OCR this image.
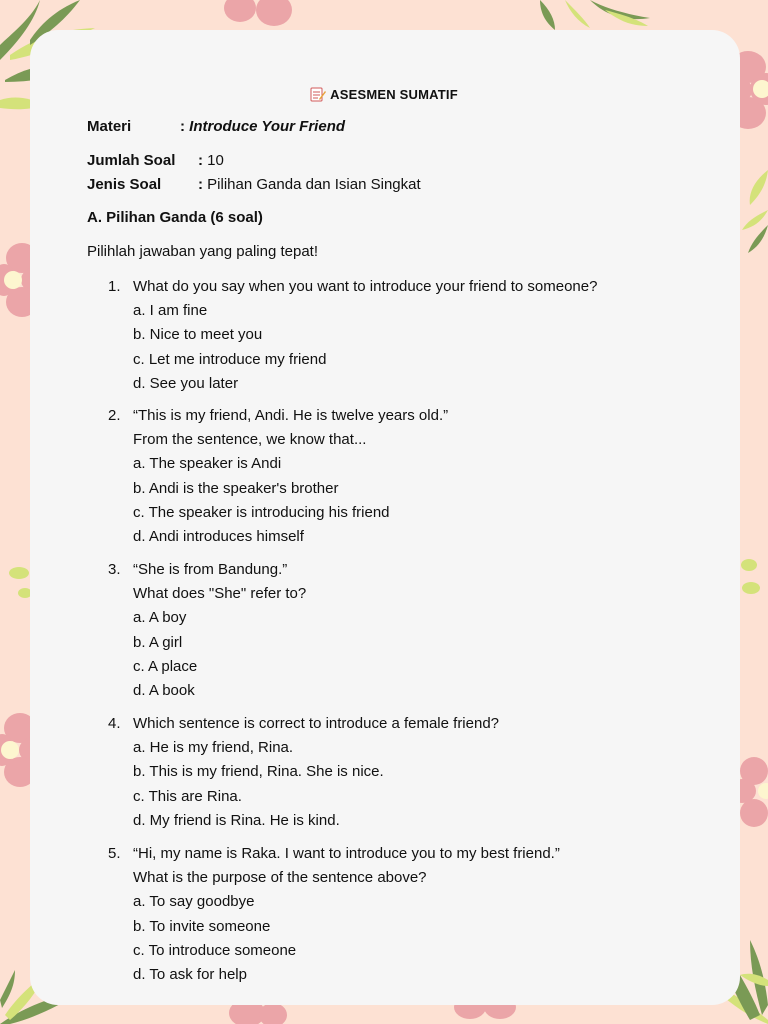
ASESMEN SUMATIF
Materi	: Introduce Your Friend
Jumlah Soal : 10
Jenis Soal : Pilihan Ganda dan Isian Singkat
A. Pilihan Ganda (6 soal)
Pilihlah jawaban yang paling tepat!
1. What do you say when you want to introduce your friend to someone?
a. I am fine
b. Nice to meet you
c. Let me introduce my friend
d. See you later
2. “This is my friend, Andi. He is twelve years old.”
From the sentence, we know that...
a. The speaker is Andi
b. Andi is the speaker's brother
c. The speaker is introducing his friend
d. Andi introduces himself
3. “She is from Bandung.”
What does "She" refer to?
a. A boy
b. A girl
c. A place
d. A book
4. Which sentence is correct to introduce a female friend?
a. He is my friend, Rina.
b. This is my friend, Rina. She is nice.
c. This are Rina.
d. My friend is Rina. He is kind.
5. “Hi, my name is Raka. I want to introduce you to my best friend.”
What is the purpose of the sentence above?
a. To say goodbye
b. To invite someone
c. To introduce someone
d. To ask for help
